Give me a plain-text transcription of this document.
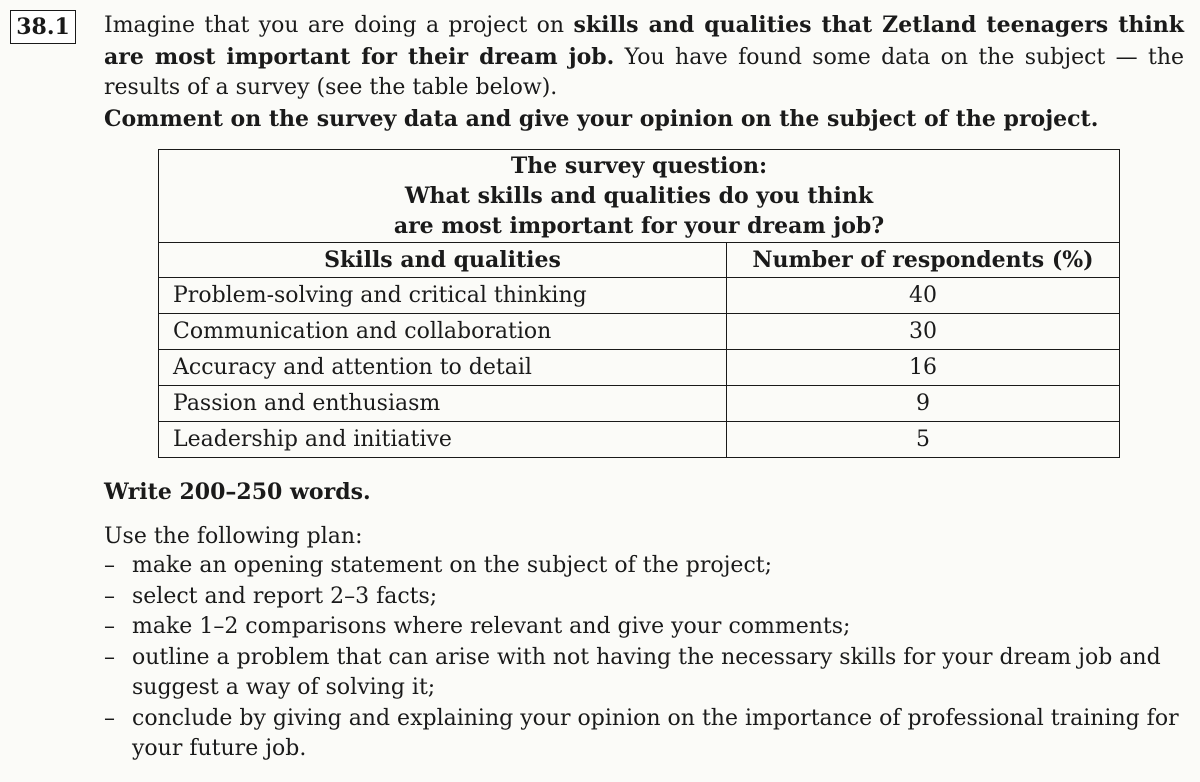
38.1 Imagine that you are doing a project on skills and qualities that Zetland teenagers think are most important for their dream job. You have found some data on the subject — the results of a survey (see the table below).

Comment on the survey data and give your opinion on the subject of the project.

The survey question:
What skills and qualities do you think
are most important for your dream job?	

Skills and qualities	Number of respondents (%)
Problem-solving and critical thinking	40
Communication and collaboration	30
Accuracy and attention to detail	16
Passion and enthusiasm	9
Leadership and initiative	5
Write 200–250 words.
Use the following plan:
– make an opening statement on the subject of the project;
– select and report 2–3 facts;
– make 1–2 comparisons where relevant and give your comments;
– outline a problem that can arise with not having the necessary skills for your dream job and suggest a way of solving it;
– conclude by giving and explaining your opinion on the importance of professional training for your future job.
